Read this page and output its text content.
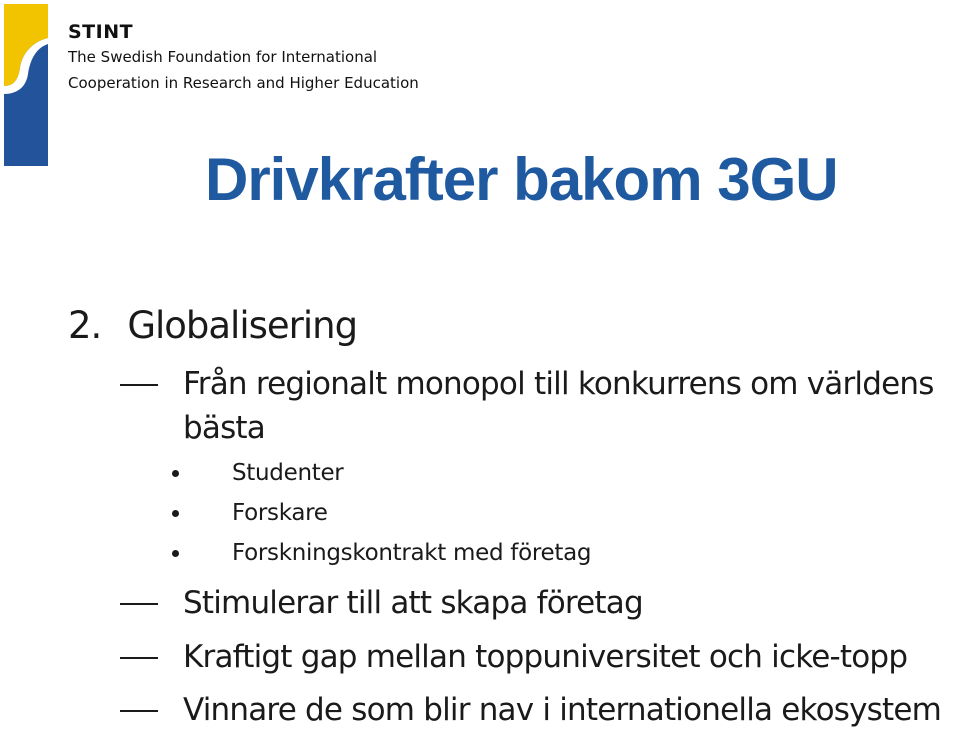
STINT
The Swedish Foundation for International
Cooperation in Research and Higher Education
Drivkrafter bakom 3GU
2. Globalisering
Från regionalt monopol till konkurrens om världens
bästa
Studenter
Forskare
Forskningskontrakt med företag
Stimulerar till att skapa företag
Kraftigt gap mellan toppuniversitet och icke-topp
Vinnare de som blir nav i internationella ekosystem
